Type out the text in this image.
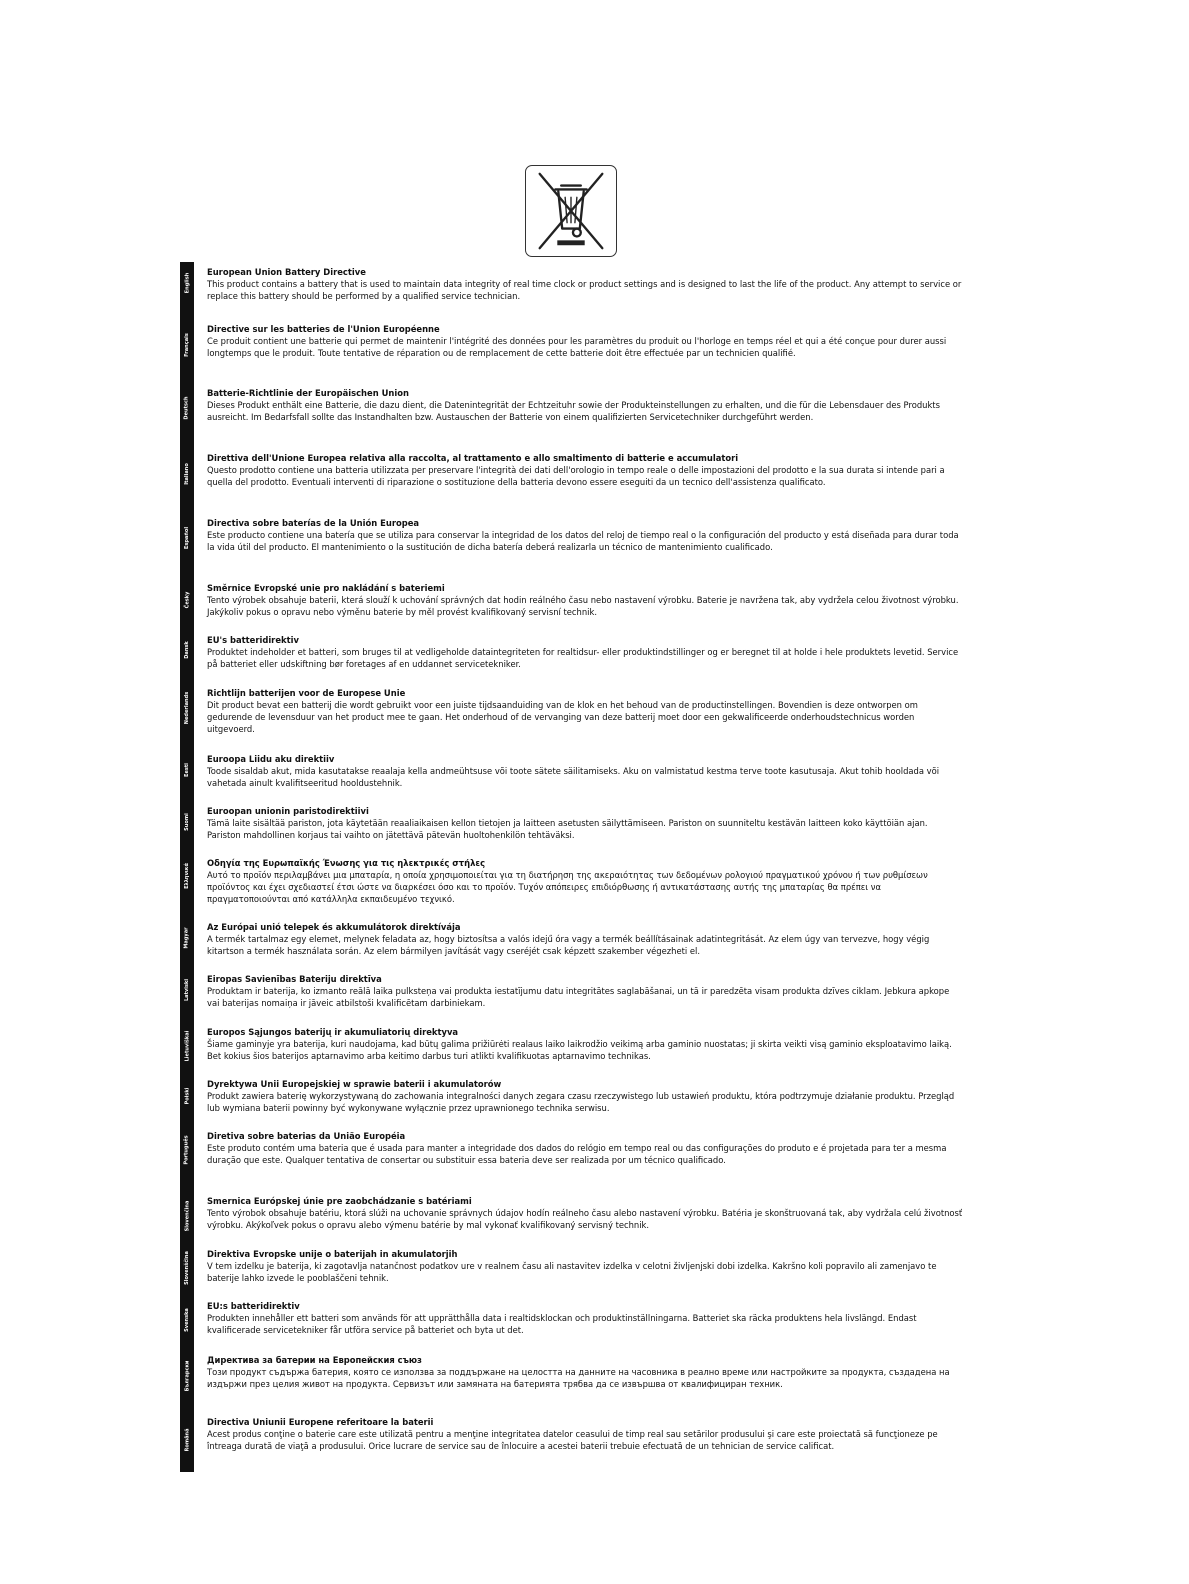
English
Français
Deutsch
Italiano
Español
Česky
Dansk
Nederlands
Eesti
Suomi
Ελληνικά
Magyar
Latviski
Lietuviškai
Polski
Português
Slovenčina
Slovenščina
Svenska
Български
Română
European Union Battery Directive

This product contains a battery that is used to maintain data integrity of real time clock or product settings and is designed to last the life of the product. Any attempt to service or replace this battery should be performed by a qualified service technician.

Directive sur les batteries de l'Union Européenne

Ce produit contient une batterie qui permet de maintenir l'intégrité des données pour les paramètres du produit ou l'horloge en temps réel et qui a été conçue pour durer aussi longtemps que le produit. Toute tentative de réparation ou de remplacement de cette batterie doit être effectuée par un technicien qualifié.

Batterie-Richtlinie der Europäischen Union

Dieses Produkt enthält eine Batterie, die dazu dient, die Datenintegrität der Echtzeituhr sowie der Produkteinstellungen zu erhalten, und die für die Lebensdauer des Produkts ausreicht. Im Bedarfsfall sollte das Instandhalten bzw. Austauschen der Batterie von einem qualifizierten Servicetechniker durchgeführt werden.

Direttiva dell'Unione Europea relativa alla raccolta, al trattamento e allo smaltimento di batterie e accumulatori

Questo prodotto contiene una batteria utilizzata per preservare l'integrità dei dati dell'orologio in tempo reale o delle impostazioni del prodotto e la sua durata si intende pari a quella del prodotto. Eventuali interventi di riparazione o sostituzione della batteria devono essere eseguiti da un tecnico dell'assistenza qualificato.

Directiva sobre baterías de la Unión Europea

Este producto contiene una batería que se utiliza para conservar la integridad de los datos del reloj de tiempo real o la configuración del producto y está diseñada para durar toda la vida útil del producto. El mantenimiento o la sustitución de dicha batería deberá realizarla un técnico de mantenimiento cualificado.

Směrnice Evropské unie pro nakládání s bateriemi

Tento výrobek obsahuje baterii, která slouží k uchování správných dat hodin reálného času nebo nastavení výrobku. Baterie je navržena tak, aby vydržela celou životnost výrobku. Jakýkoliv pokus o opravu nebo výměnu baterie by měl provést kvalifikovaný servisní technik.

EU's batteridirektiv

Produktet indeholder et batteri, som bruges til at vedligeholde dataintegriteten for realtidsur- eller produktindstillinger og er beregnet til at holde i hele produktets levetid. Service på batteriet eller udskiftning bør foretages af en uddannet servicetekniker.

Richtlijn batterijen voor de Europese Unie

Dit product bevat een batterij die wordt gebruikt voor een juiste tijdsaanduiding van de klok en het behoud van de productinstellingen. Bovendien is deze ontworpen om gedurende de levensduur van het product mee te gaan. Het onderhoud of de vervanging van deze batterij moet door een gekwalificeerde onderhoudstechnicus worden uitgevoerd.

Euroopa Liidu aku direktiiv

Toode sisaldab akut, mida kasutatakse reaalaja kella andmeühtsuse või toote sätete säilitamiseks. Aku on valmistatud kestma terve toote kasutusaja. Akut tohib hooldada või vahetada ainult kvalifitseeritud hooldustehnik.

Euroopan unionin paristodirektiivi

Tämä laite sisältää pariston, jota käytetään reaaliaikaisen kellon tietojen ja laitteen asetusten säilyttämiseen. Pariston on suunniteltu kestävän laitteen koko käyttöiän ajan. Pariston mahdollinen korjaus tai vaihto on jätettävä pätevän huoltohenkilön tehtäväksi.

Οδηγία της Ευρωπαϊκής Ένωσης για τις ηλεκτρικές στήλες

Αυτό το προϊόν περιλαμβάνει μια μπαταρία, η οποία χρησιμοποιείται για τη διατήρηση της ακεραιότητας των δεδομένων ρολογιού πραγματικού χρόνου ή των ρυθμίσεων προϊόντος και έχει σχεδιαστεί έτσι ώστε να διαρκέσει όσο και το προϊόν. Τυχόν απόπειρες επιδιόρθωσης ή αντικατάστασης αυτής της μπαταρίας θα πρέπει να πραγματοποιούνται από κατάλληλα εκπαιδευμένο τεχνικό.

Az Európai unió telepek és akkumulátorok direktívája

A termék tartalmaz egy elemet, melynek feladata az, hogy biztosítsa a valós idejű óra vagy a termék beállításainak adatintegritását. Az elem úgy van tervezve, hogy végig kitartson a termék használata során. Az elem bármilyen javítását vagy cseréjét csak képzett szakember végezheti el.

Eiropas Savienības Bateriju direktīva

Produktam ir baterija, ko izmanto reālā laika pulksteņa vai produkta iestatījumu datu integritātes saglabāšanai, un tā ir paredzēta visam produkta dzīves ciklam. Jebkura apkope vai baterijas nomaiņa ir jāveic atbilstoši kvalificētam darbiniekam.

Europos Sąjungos baterijų ir akumuliatorių direktyva

Šiame gaminyje yra baterija, kuri naudojama, kad būtų galima prižiūrėti realaus laiko laikrodžio veikimą arba gaminio nuostatas; ji skirta veikti visą gaminio eksploatavimo laiką. Bet kokius šios baterijos aptarnavimo arba keitimo darbus turi atlikti kvalifikuotas aptarnavimo technikas.

Dyrektywa Unii Europejskiej w sprawie baterii i akumulatorów

Produkt zawiera baterię wykorzystywaną do zachowania integralności danych zegara czasu rzeczywistego lub ustawień produktu, która podtrzymuje działanie produktu. Przegląd lub wymiana baterii powinny być wykonywane wyłącznie przez uprawnionego technika serwisu.

Diretiva sobre baterias da União Européia

Este produto contém uma bateria que é usada para manter a integridade dos dados do relógio em tempo real ou das configurações do produto e é projetada para ter a mesma duração que este. Qualquer tentativa de consertar ou substituir essa bateria deve ser realizada por um técnico qualificado.

Smernica Európskej únie pre zaobchádzanie s batériami

Tento výrobok obsahuje batériu, ktorá slúži na uchovanie správnych údajov hodín reálneho času alebo nastavení výrobku. Batéria je skonštruovaná tak, aby vydržala celú životnosť výrobku. Akýkoľvek pokus o opravu alebo výmenu batérie by mal vykonať kvalifikovaný servisný technik.

Direktiva Evropske unije o baterijah in akumulatorjih

V tem izdelku je baterija, ki zagotavlja natančnost podatkov ure v realnem času ali nastavitev izdelka v celotni življenjski dobi izdelka. Kakršno koli popravilo ali zamenjavo te baterije lahko izvede le pooblaščeni tehnik.

EU:s batteridirektiv

Produkten innehåller ett batteri som används för att upprätthålla data i realtidsklockan och produktinställningarna. Batteriet ska räcka produktens hela livslängd. Endast kvalificerade servicetekniker får utföra service på batteriet och byta ut det.

Директива за батерии на Европейския съюз

Този продукт съдържа батерия, която се използва за поддържане на целостта на данните на часовника в реално време или настройките за продукта, създадена на издържи през целия живот на продукта. Сервизът или замяната на батерията трябва да се извършва от квалифициран техник.

Directiva Uniunii Europene referitoare la baterii

Acest produs conţine o baterie care este utilizată pentru a menţine integritatea datelor ceasului de timp real sau setărilor produsului şi care este proiectată să funcţioneze pe întreaga durată de viaţă a produsului. Orice lucrare de service sau de înlocuire a acestei baterii trebuie efectuată de un tehnician de service calificat.
